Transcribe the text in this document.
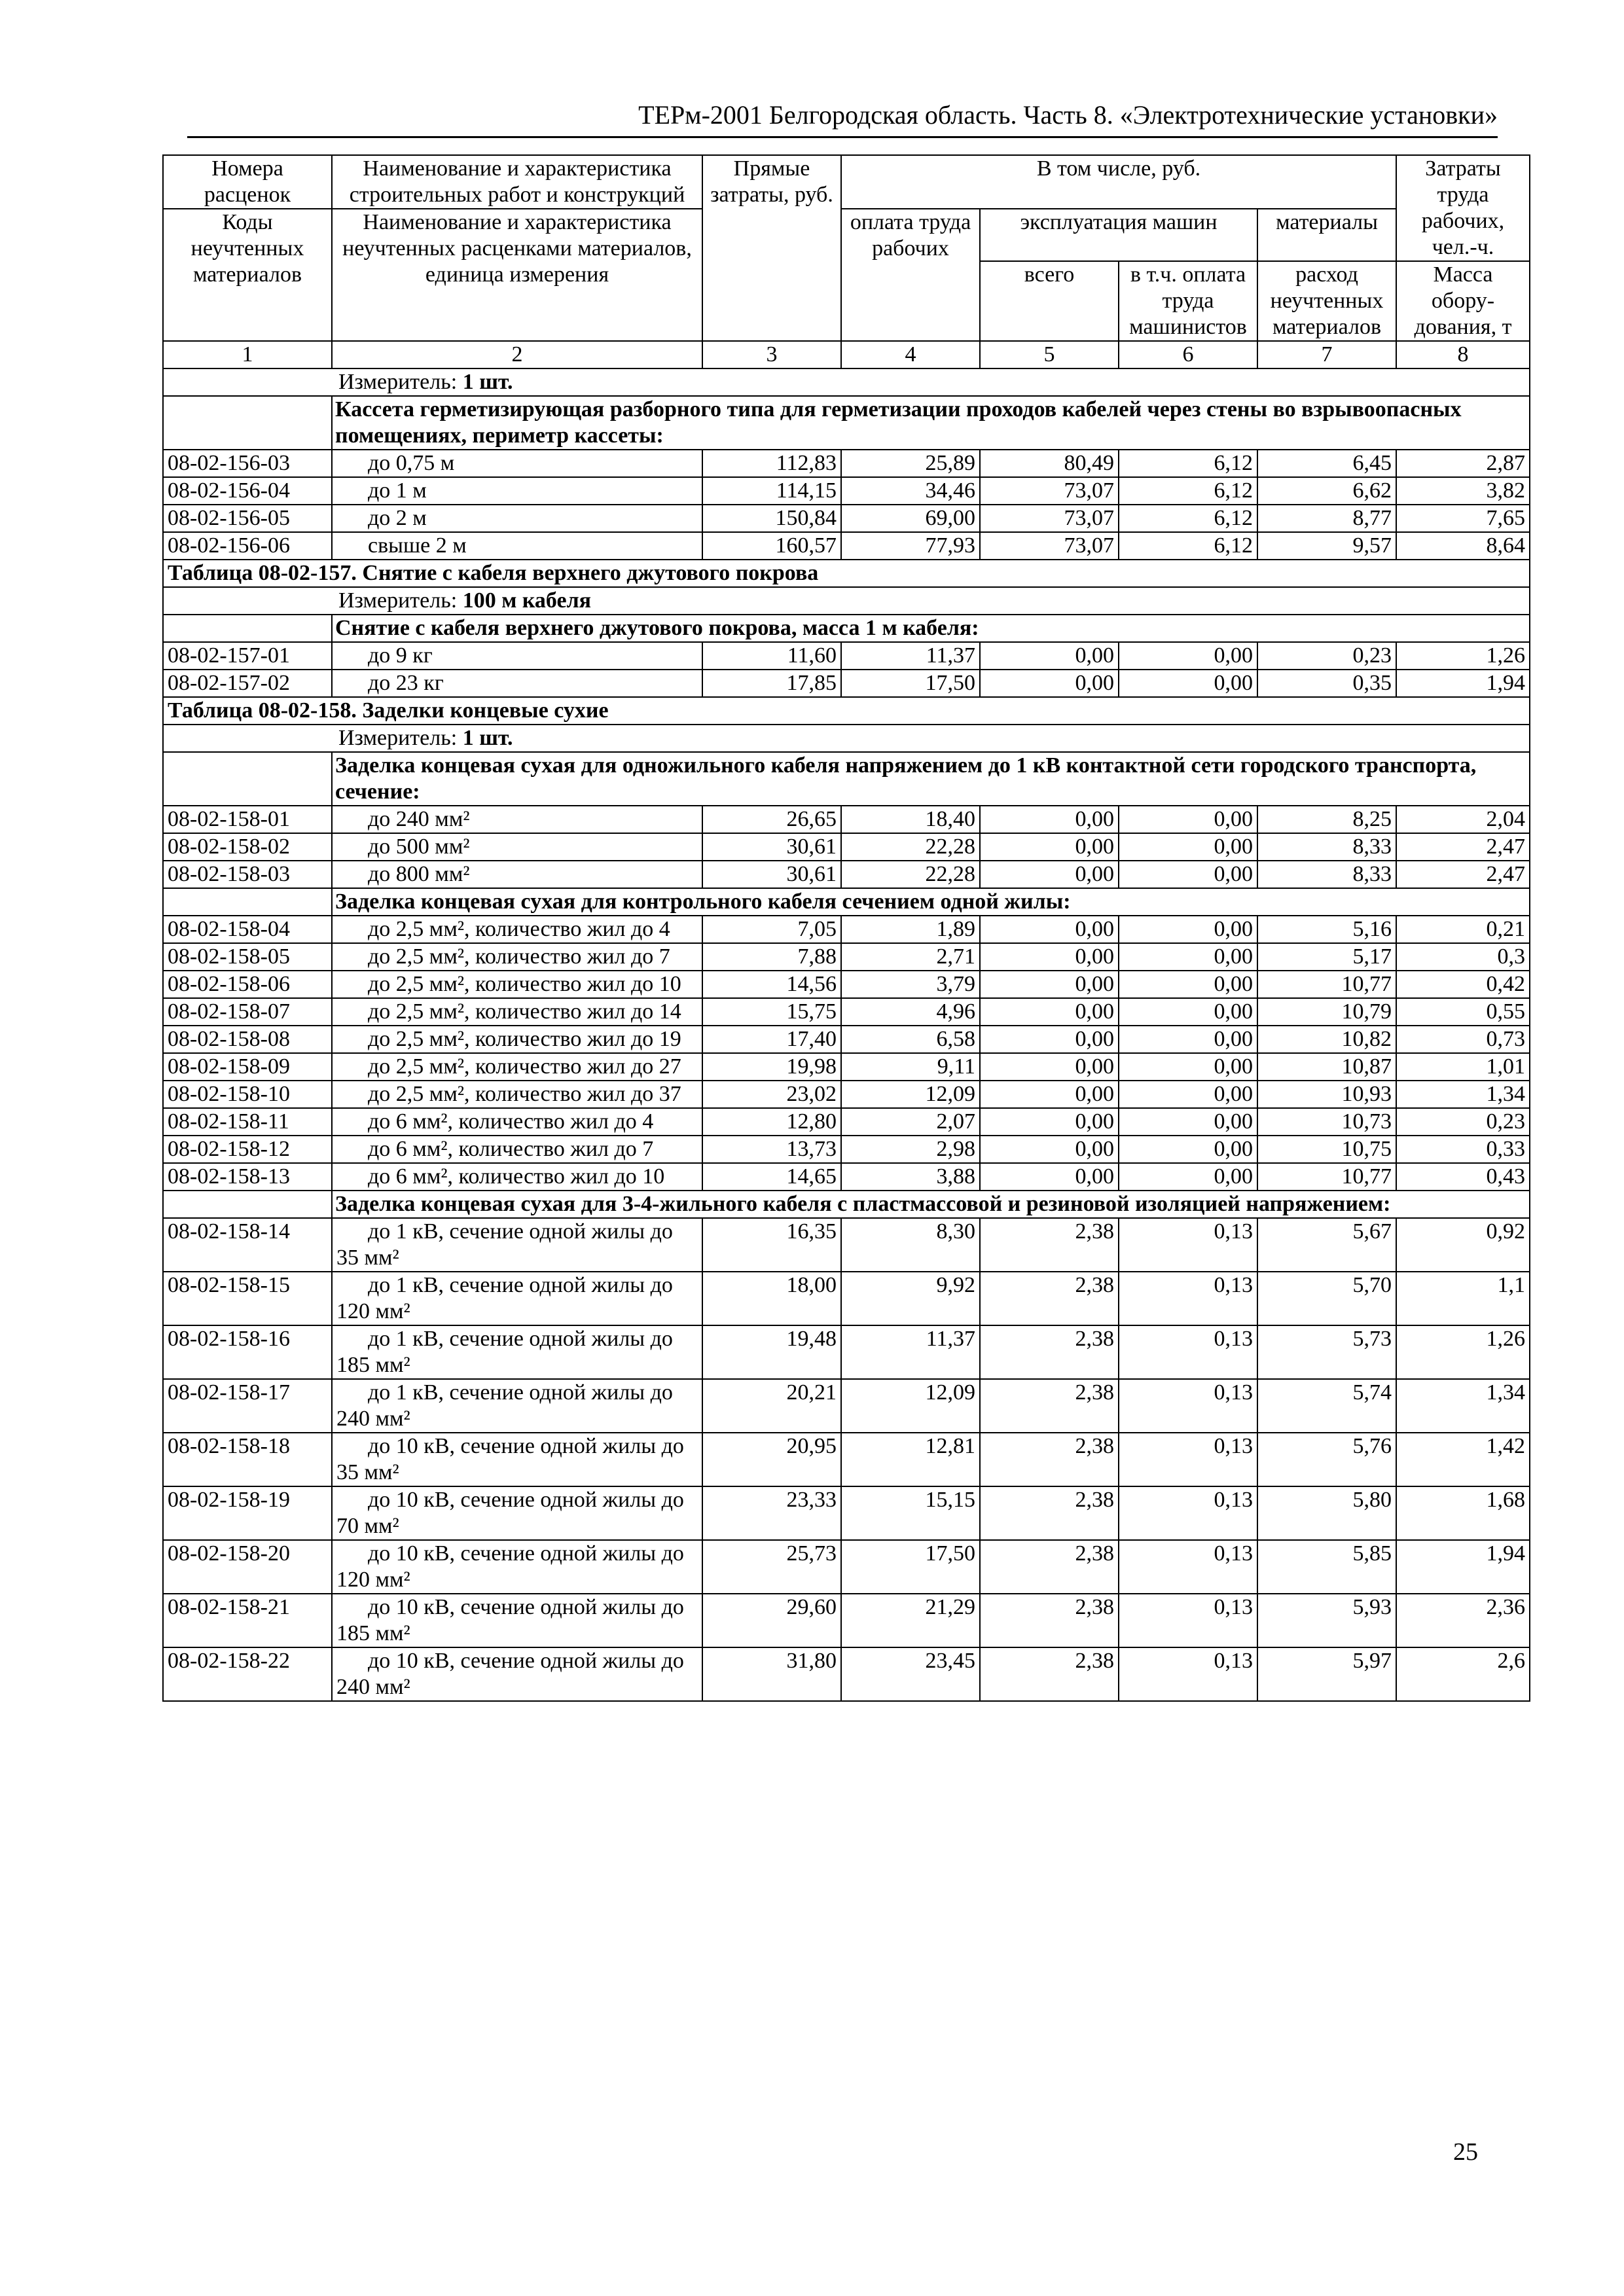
ТЕРм-2001 Белгородская область. Часть 8. «Электротехнические установки»
Номера расценок	Наименование и характеристика строительных работ и конструкций	Прямые затраты, руб.	В том числе, руб.				Затраты труда рабочих, чел.-ч.
Коды неучтенных материалов	Наименование и характеристика неучтенных расценками материалов, единица измерения		оплата труда рабочих	эксплуатация машин		материалы	
				всего	в т.ч. оплата труда машинистов	расход неучтенных материалов	Масса обору-дования, т
1	2	3	4	5	6	7	8
	Измеритель: 1 шт.						
	Кассета герметизирующая разборного типа для герметизации проходов кабелей через стены во взрывоопасных помещениях, периметр кассеты:						
08-02-156-03	до 0,75 м	112,83	25,89	80,49	6,12	6,45	2,87
08-02-156-04	до 1 м	114,15	34,46	73,07	6,12	6,62	3,82
08-02-156-05	до 2 м	150,84	69,00	73,07	6,12	8,77	7,65
08-02-156-06	свыше 2 м	160,57	77,93	73,07	6,12	9,57	8,64
Таблица 08-02-157. Снятие с кабеля верхнего джутового покрова							
	Измеритель: 100 м кабеля						
	Снятие с кабеля верхнего джутового покрова, масса 1 м кабеля:						
08-02-157-01	до 9 кг	11,60	11,37	0,00	0,00	0,23	1,26
08-02-157-02	до 23 кг	17,85	17,50	0,00	0,00	0,35	1,94
Таблица 08-02-158. Заделки концевые сухие							
	Измеритель: 1 шт.						
	Заделка концевая сухая для одножильного кабеля напряжением до 1 кВ контактной сети городского транспорта, сечение:						
08-02-158-01	до 240 мм²	26,65	18,40	0,00	0,00	8,25	2,04
08-02-158-02	до 500 мм²	30,61	22,28	0,00	0,00	8,33	2,47
08-02-158-03	до 800 мм²	30,61	22,28	0,00	0,00	8,33	2,47
	Заделка концевая сухая для контрольного кабеля сечением одной жилы:						
08-02-158-04	до 2,5 мм², количество жил до 4	7,05	1,89	0,00	0,00	5,16	0,21
08-02-158-05	до 2,5 мм², количество жил до 7	7,88	2,71	0,00	0,00	5,17	0,3
08-02-158-06	до 2,5 мм², количество жил до 10	14,56	3,79	0,00	0,00	10,77	0,42
08-02-158-07	до 2,5 мм², количество жил до 14	15,75	4,96	0,00	0,00	10,79	0,55
08-02-158-08	до 2,5 мм², количество жил до 19	17,40	6,58	0,00	0,00	10,82	0,73
08-02-158-09	до 2,5 мм², количество жил до 27	19,98	9,11	0,00	0,00	10,87	1,01
08-02-158-10	до 2,5 мм², количество жил до 37	23,02	12,09	0,00	0,00	10,93	1,34
08-02-158-11	до 6 мм², количество жил до 4	12,80	2,07	0,00	0,00	10,73	0,23
08-02-158-12	до 6 мм², количество жил до 7	13,73	2,98	0,00	0,00	10,75	0,33
08-02-158-13	до 6 мм², количество жил до 10	14,65	3,88	0,00	0,00	10,77	0,43
	Заделка концевая сухая для 3-4-жильного кабеля с пластмассовой и резиновой изоляцией напряжением:						
08-02-158-14	до 1 кВ, сечение одной жилы до 35 мм²	16,35	8,30	2,38	0,13	5,67	0,92
08-02-158-15	до 1 кВ, сечение одной жилы до 120 мм²	18,00	9,92	2,38	0,13	5,70	1,1
08-02-158-16	до 1 кВ, сечение одной жилы до 185 мм²	19,48	11,37	2,38	0,13	5,73	1,26
08-02-158-17	до 1 кВ, сечение одной жилы до 240 мм²	20,21	12,09	2,38	0,13	5,74	1,34
08-02-158-18	до 10 кВ, сечение одной жилы до 35 мм²	20,95	12,81	2,38	0,13	5,76	1,42
08-02-158-19	до 10 кВ, сечение одной жилы до 70 мм²	23,33	15,15	2,38	0,13	5,80	1,68
08-02-158-20	до 10 кВ, сечение одной жилы до 120 мм²	25,73	17,50	2,38	0,13	5,85	1,94
08-02-158-21	до 10 кВ, сечение одной жилы до 185 мм²	29,60	21,29	2,38	0,13	5,93	2,36
08-02-158-22	до 10 кВ, сечение одной жилы до 240 мм²	31,80	23,45	2,38	0,13	5,97	2,6
25
